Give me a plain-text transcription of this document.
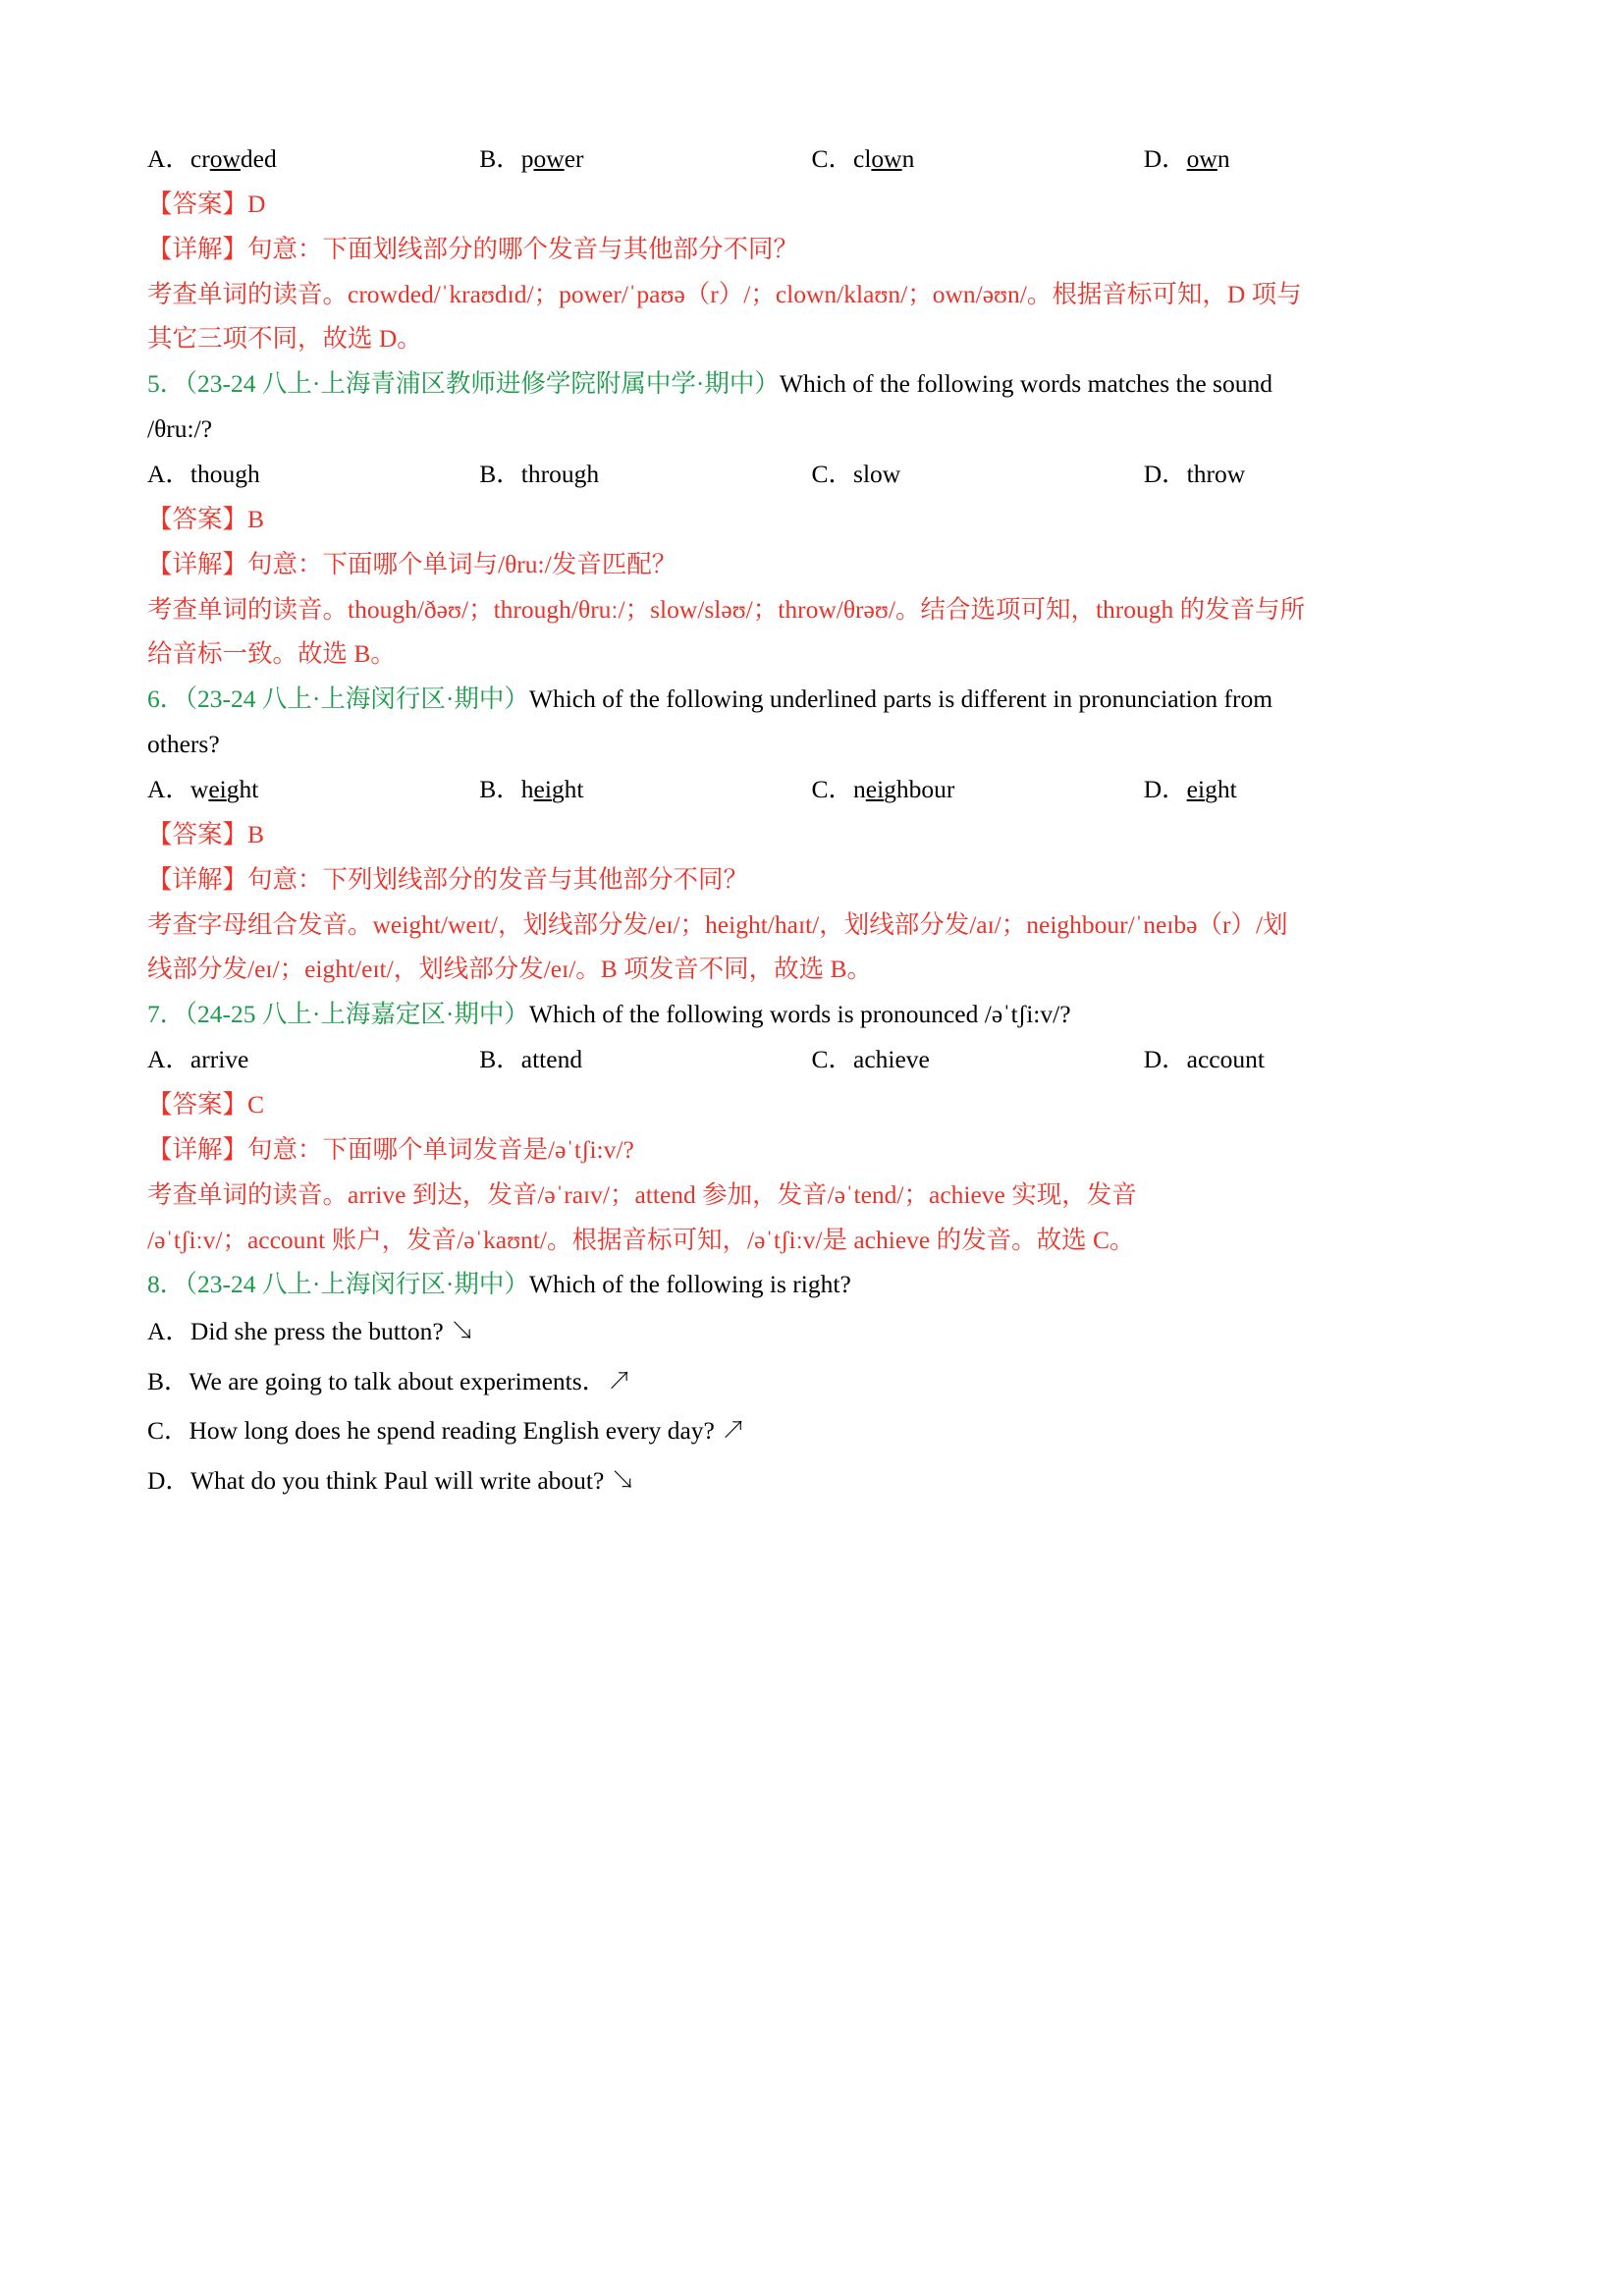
A．crowded	B．power	C．clown	D．own
【答案】D
【详解】句意：下面划线部分的哪个发音与其他部分不同？
考查单词的读音。crowded/ˈkraʊdɪd/；power/ˈpaʊə（r）/；clown/klaʊn/；own/əʊn/。根据音标可知，D 项与
其它三项不同，故选 D。
5．（23-24 八上·上海青浦区教师进修学院附属中学·期中）Which of the following words matches the sound
/θru:/?
A．though	B．through	C．slow	D．throw
【答案】B
【详解】句意：下面哪个单词与/θru:/发音匹配？
考查单词的读音。though/ðəʊ/；through/θruː/；slow/sləʊ/；throw/θrəʊ/。结合选项可知，through 的发音与所
给音标一致。故选 B。
6．（23-24 八上·上海闵行区·期中）Which of the following underlined parts is different in pronunciation from
others?
A．weight	B．height	C．neighbour	D．eight
【答案】B
【详解】句意：下列划线部分的发音与其他部分不同？
考查字母组合发音。weight/weɪt/，划线部分发/eɪ/；height/haɪt/，划线部分发/aɪ/；neighbour/ˈneɪbə（r）/划
线部分发/eɪ/；eight/eɪt/，划线部分发/eɪ/。B 项发音不同，故选 B。
7．（24-25 八上·上海嘉定区·期中）Which of the following words is pronounced /əˈtʃi:v/?
A．arrive	B．attend	C．achieve	D．account
【答案】C
【详解】句意：下面哪个单词发音是/əˈtʃi:v/?
考查单词的读音。arrive 到达，发音/əˈraɪv/；attend 参加，发音/əˈtend/；achieve 实现，发音
/əˈtʃiːv/；account 账户，发音/əˈkaʊnt/。根据音标可知，/əˈtʃiːv/是 achieve 的发音。故选 C。
8．（23-24 八上·上海闵行区·期中）Which of the following is right?
A．Did she press the button? ↘
B．We are going to talk about experiments．↗
C．How long does he spend reading English every day? ↗
D．What do you think Paul will write about? ↘
